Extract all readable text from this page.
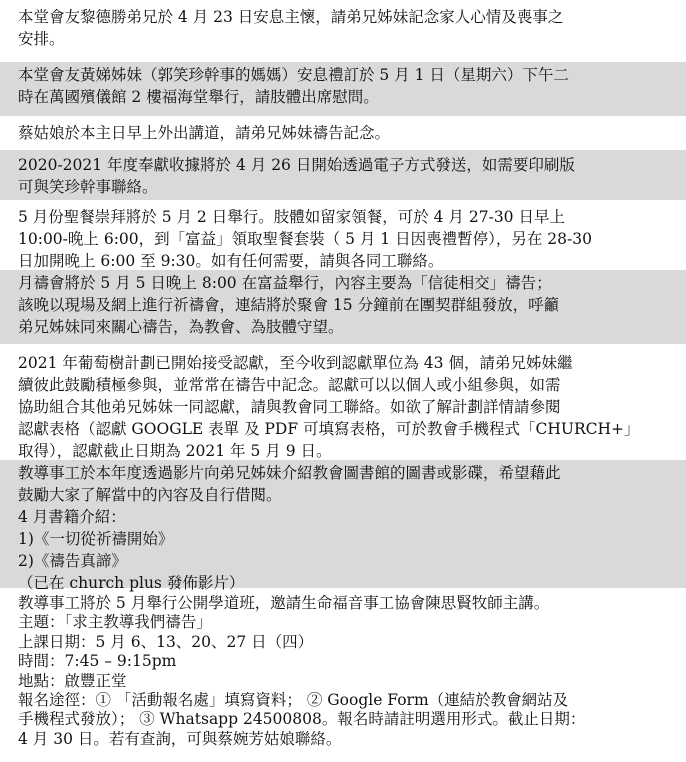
本堂會友黎德勝弟兄於 4 月 23 日安息主懷，請弟兄姊妹記念家人心情及喪事之

安排。

本堂會友黃娣姊妹（郭笑珍幹事的媽媽）安息禮訂於 5 月 1 日（星期六）下午二

時在萬國殯儀館 2 樓福海堂舉行，請肢體出席慰問。

蔡姑娘於本主日早上外出講道，請弟兄姊妹禱告記念。

2020-2021 年度奉獻收據將於 4 月 26 日開始透過電子方式發送，如需要印刷版

可與笑珍幹事聯絡。

5 月份聖餐崇拜將於 5 月 2 日舉行。肢體如留家領餐，可於 4 月 27-30 日早上

10:00-晚上 6:00，到「富益」領取聖餐套裝（ 5 月 1 日因喪禮暫停），另在 28-30

日加開晚上 6:00 至 9:30。如有任何需要，請與各同工聯絡。

月禱會將於 5 月 5 日晚上 8:00 在富益舉行，內容主要為「信徒相交」禱告；

該晚以現場及網上進行祈禱會，連結將於聚會 15 分鐘前在團契群組發放，呼籲

弟兄姊妹同來關心禱告，為教會、為肢體守望。

2021 年葡萄樹計劃已開始接受認獻，至今收到認獻單位為 43 個，請弟兄姊妹繼

續彼此鼓勵積極參與，並常常在禱告中記念。認獻可以以個人或小組參與，如需

協助組合其他弟兄姊妹一同認獻，請與教會同工聯絡。如欲了解計劃詳情請參閱

認獻表格（認獻 GOOGLE 表單 及 PDF 可填寫表格，可於教會手機程式「CHURCH+」

取得），認獻截止日期為 2021 年 5 月 9 日。

教導事工於本年度透過影片向弟兄姊妹介紹教會圖書館的圖書或影碟，希望藉此

鼓勵大家了解當中的內容及自行借閱。

4 月書籍介紹：

1)《一切從祈禱開始》

2)《禱告真諦》

（已在 church plus 發佈影片）

教導事工將於 5 月舉行公開學道班，邀請生命福音事工協會陳思賢牧師主講。

主題：「求主教導我們禱告」

上課日期：5 月 6、13、20、27 日（四）

時間：7:45 – 9:15pm

地點：啟豐正堂

報名途徑：① 「活動報名處」填寫資料； ② Google Form（連結於教會網站及

手機程式發放）； ③ Whatsapp 24500808。報名時請註明選用形式。截止日期：

4 月 30 日。若有查詢，可與蔡婉芳姑娘聯絡。
